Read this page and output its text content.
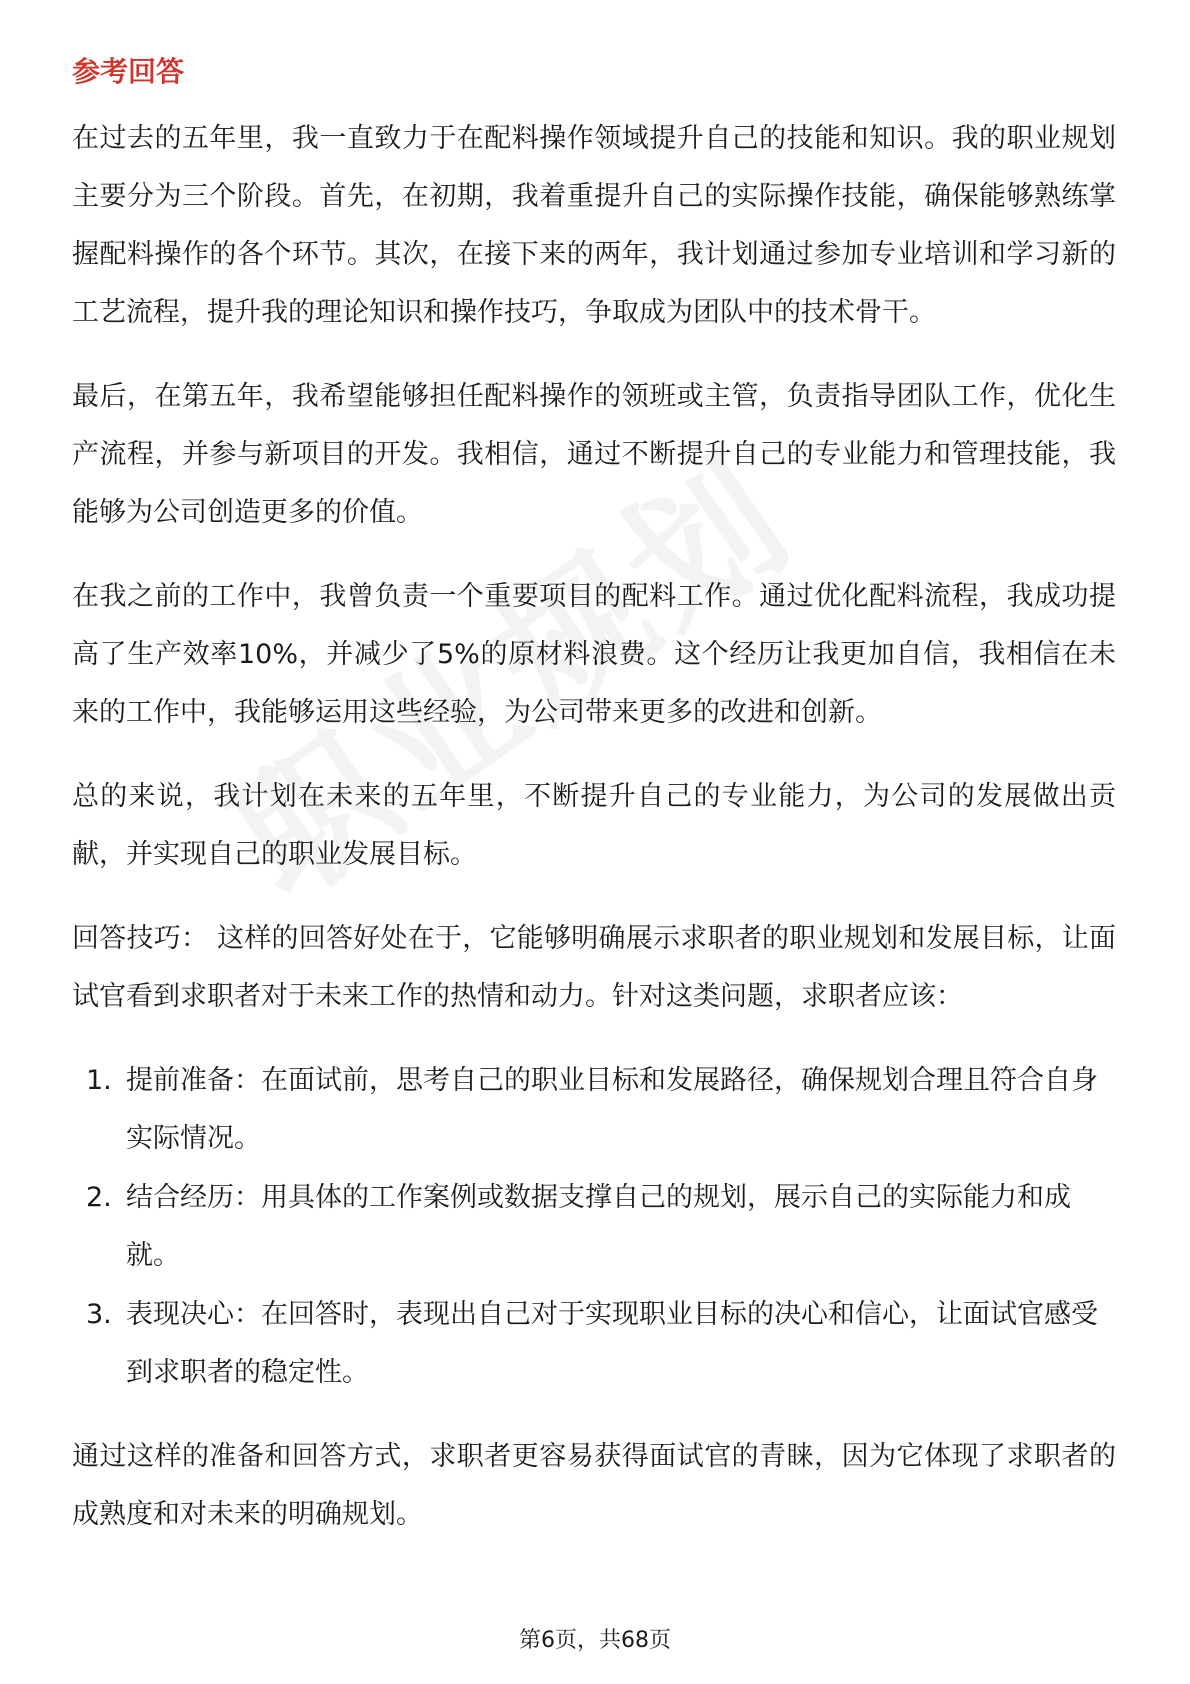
参考回答

在过去的五年里，我一直致力于在配料操作领域提升自己的技能和知识。我的职业规划主要分为三个阶段。首先，在初期，我着重提升自己的实际操作技能，确保能够熟练掌握配料操作的各个环节。其次，在接下来的两年，我计划通过参加专业培训和学习新的工艺流程，提升我的理论知识和操作技巧，争取成为团队中的技术骨干。

最后，在第五年，我希望能够担任配料操作的领班或主管，负责指导团队工作，优化生产流程，并参与新项目的开发。我相信，通过不断提升自己的专业能力和管理技能，我能够为公司创造更多的价值。

在我之前的工作中，我曾负责一个重要项目的配料工作。通过优化配料流程，我成功提高了生产效率10%，并减少了5%的原材料浪费。这个经历让我更加自信，我相信在未来的工作中，我能够运用这些经验，为公司带来更多的改进和创新。

总的来说，我计划在未来的五年里，不断提升自己的专业能力，为公司的发展做出贡献，并实现自己的职业发展目标。

回答技巧： 这样的回答好处在于，它能够明确展示求职者的职业规划和发展目标，让面试官看到求职者对于未来工作的热情和动力。针对这类问题，求职者应该：

1. 提前准备：在面试前，思考自己的职业目标和发展路径，确保规划合理且符合自身实际情况。
2. 结合经历：用具体的工作案例或数据支撑自己的规划，展示自己的实际能力和成就。
3. 表现决心：在回答时，表现出自己对于实现职业目标的决心和信心，让面试官感受到求职者的稳定性。

通过这样的准备和回答方式，求职者更容易获得面试官的青睐，因为它体现了求职者的成熟度和对未来的明确规划。

第6页，共68页
